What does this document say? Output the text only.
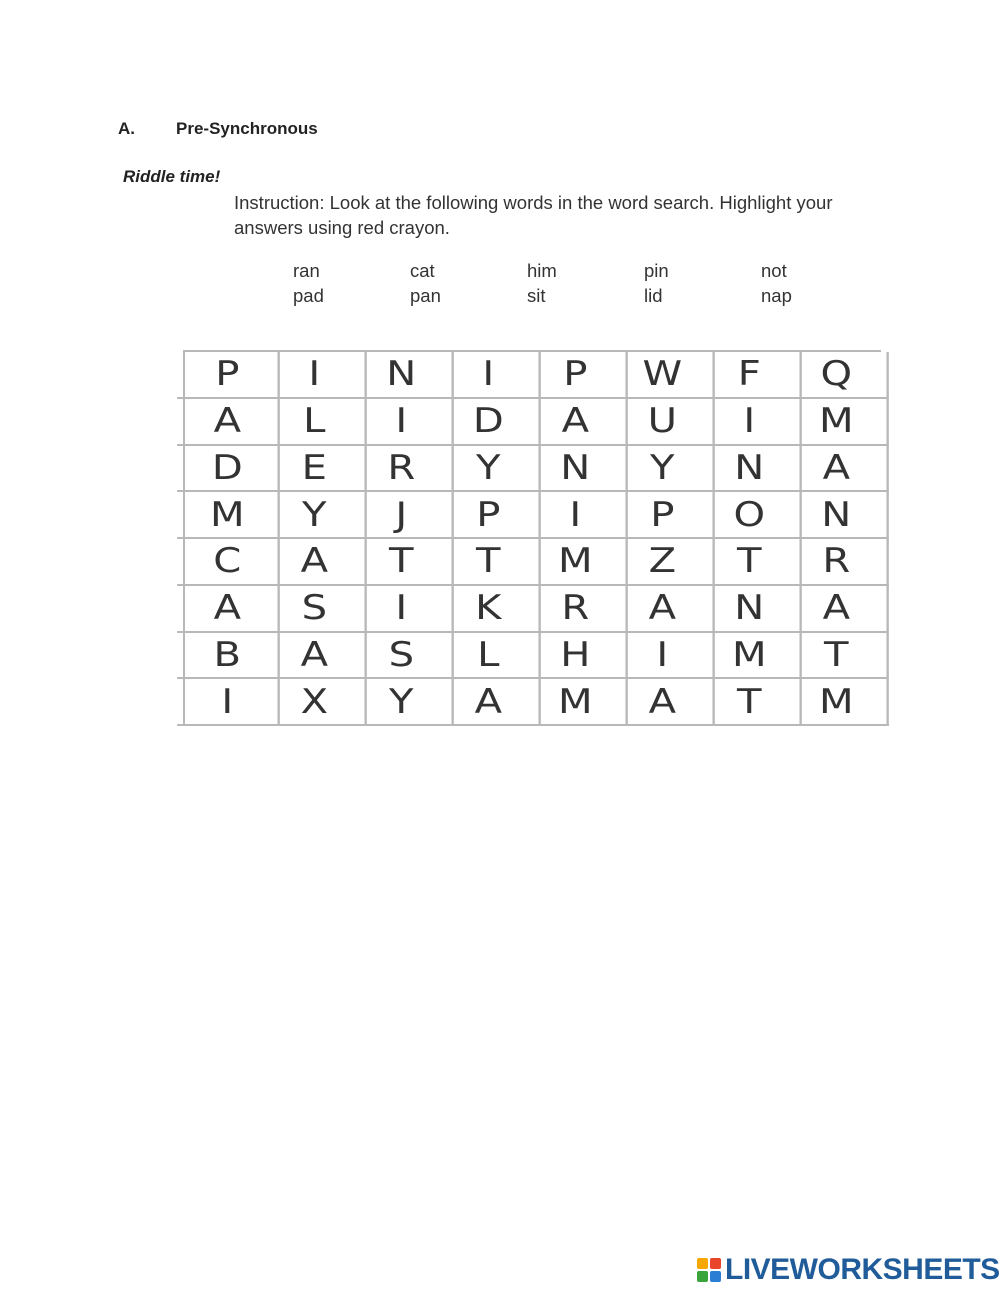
A.	Pre-Synchronous
Riddle time!
Instruction: Look at the following words in the word search. Highlight your answers using red crayon.
ran	cat	him	pin	not
pad	pan	sit	lid	nap
P	I	N	I	P	W	F	Q
A	L	I	D	A	U	I	M
D	E	R	Y	N	Y	N	A
M	Y	J	P	I	P	O	N
C	A	T	T	M	Z	T	R
A	S	I	K	R	A	N	A
B	A	S	L	H	I	M	T
I	X	Y	A	M	A	T	M
LIVEWORKSHEETS
